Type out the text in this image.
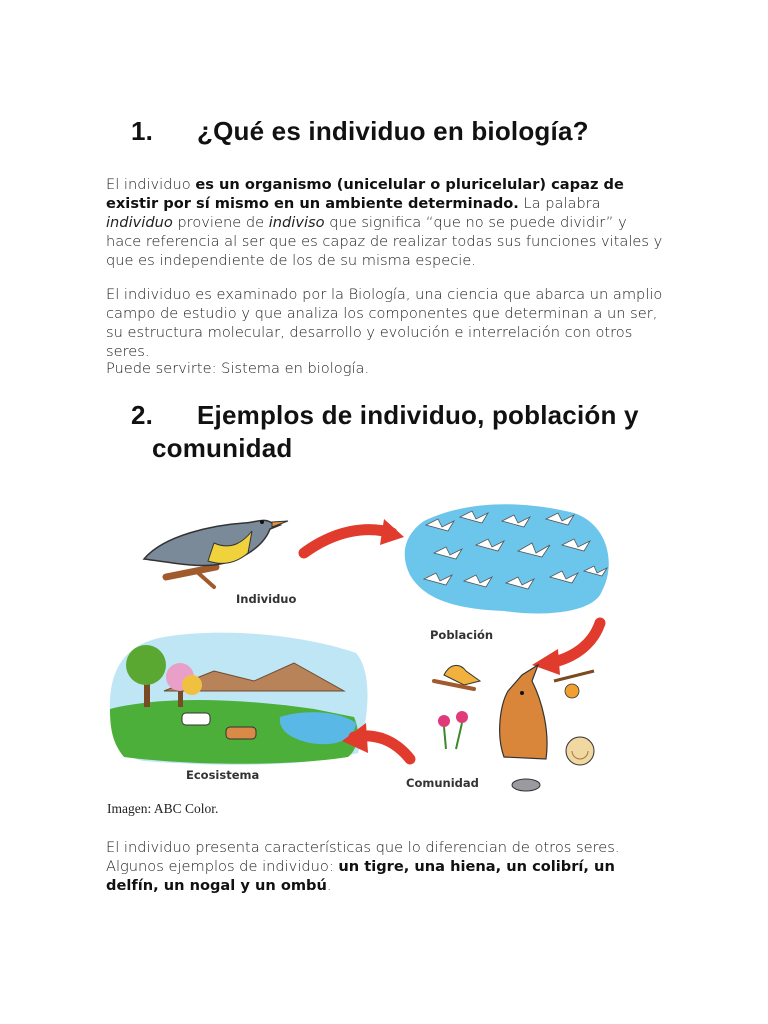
1. ¿Qué es individuo en biología?

El individuo es un organismo (unicelular o pluricelular) capaz de existir por sí mismo en un ambiente determinado. La palabra individuo proviene de indiviso que significa “que no se puede dividir” y hace referencia al ser que es capaz de realizar todas sus funciones vitales y que es independiente de los de su misma especie.

El individuo es examinado por la Biología, una ciencia que abarca un amplio campo de estudio y que analiza los componentes que determinan a un ser, su estructura molecular, desarrollo y evolución e interrelación con otros seres.

Puede servirte: Sistema en biología.

2. Ejemplos de individuo, población y
comunidad
Individuo
Población
Ecosistema
Comunidad

Imagen: ABC Color.

El individuo presenta características que lo diferencian de otros seres. Algunos ejemplos de individuo: un tigre, una hiena, un colibrí, un delfín, un nogal y un ombú.
